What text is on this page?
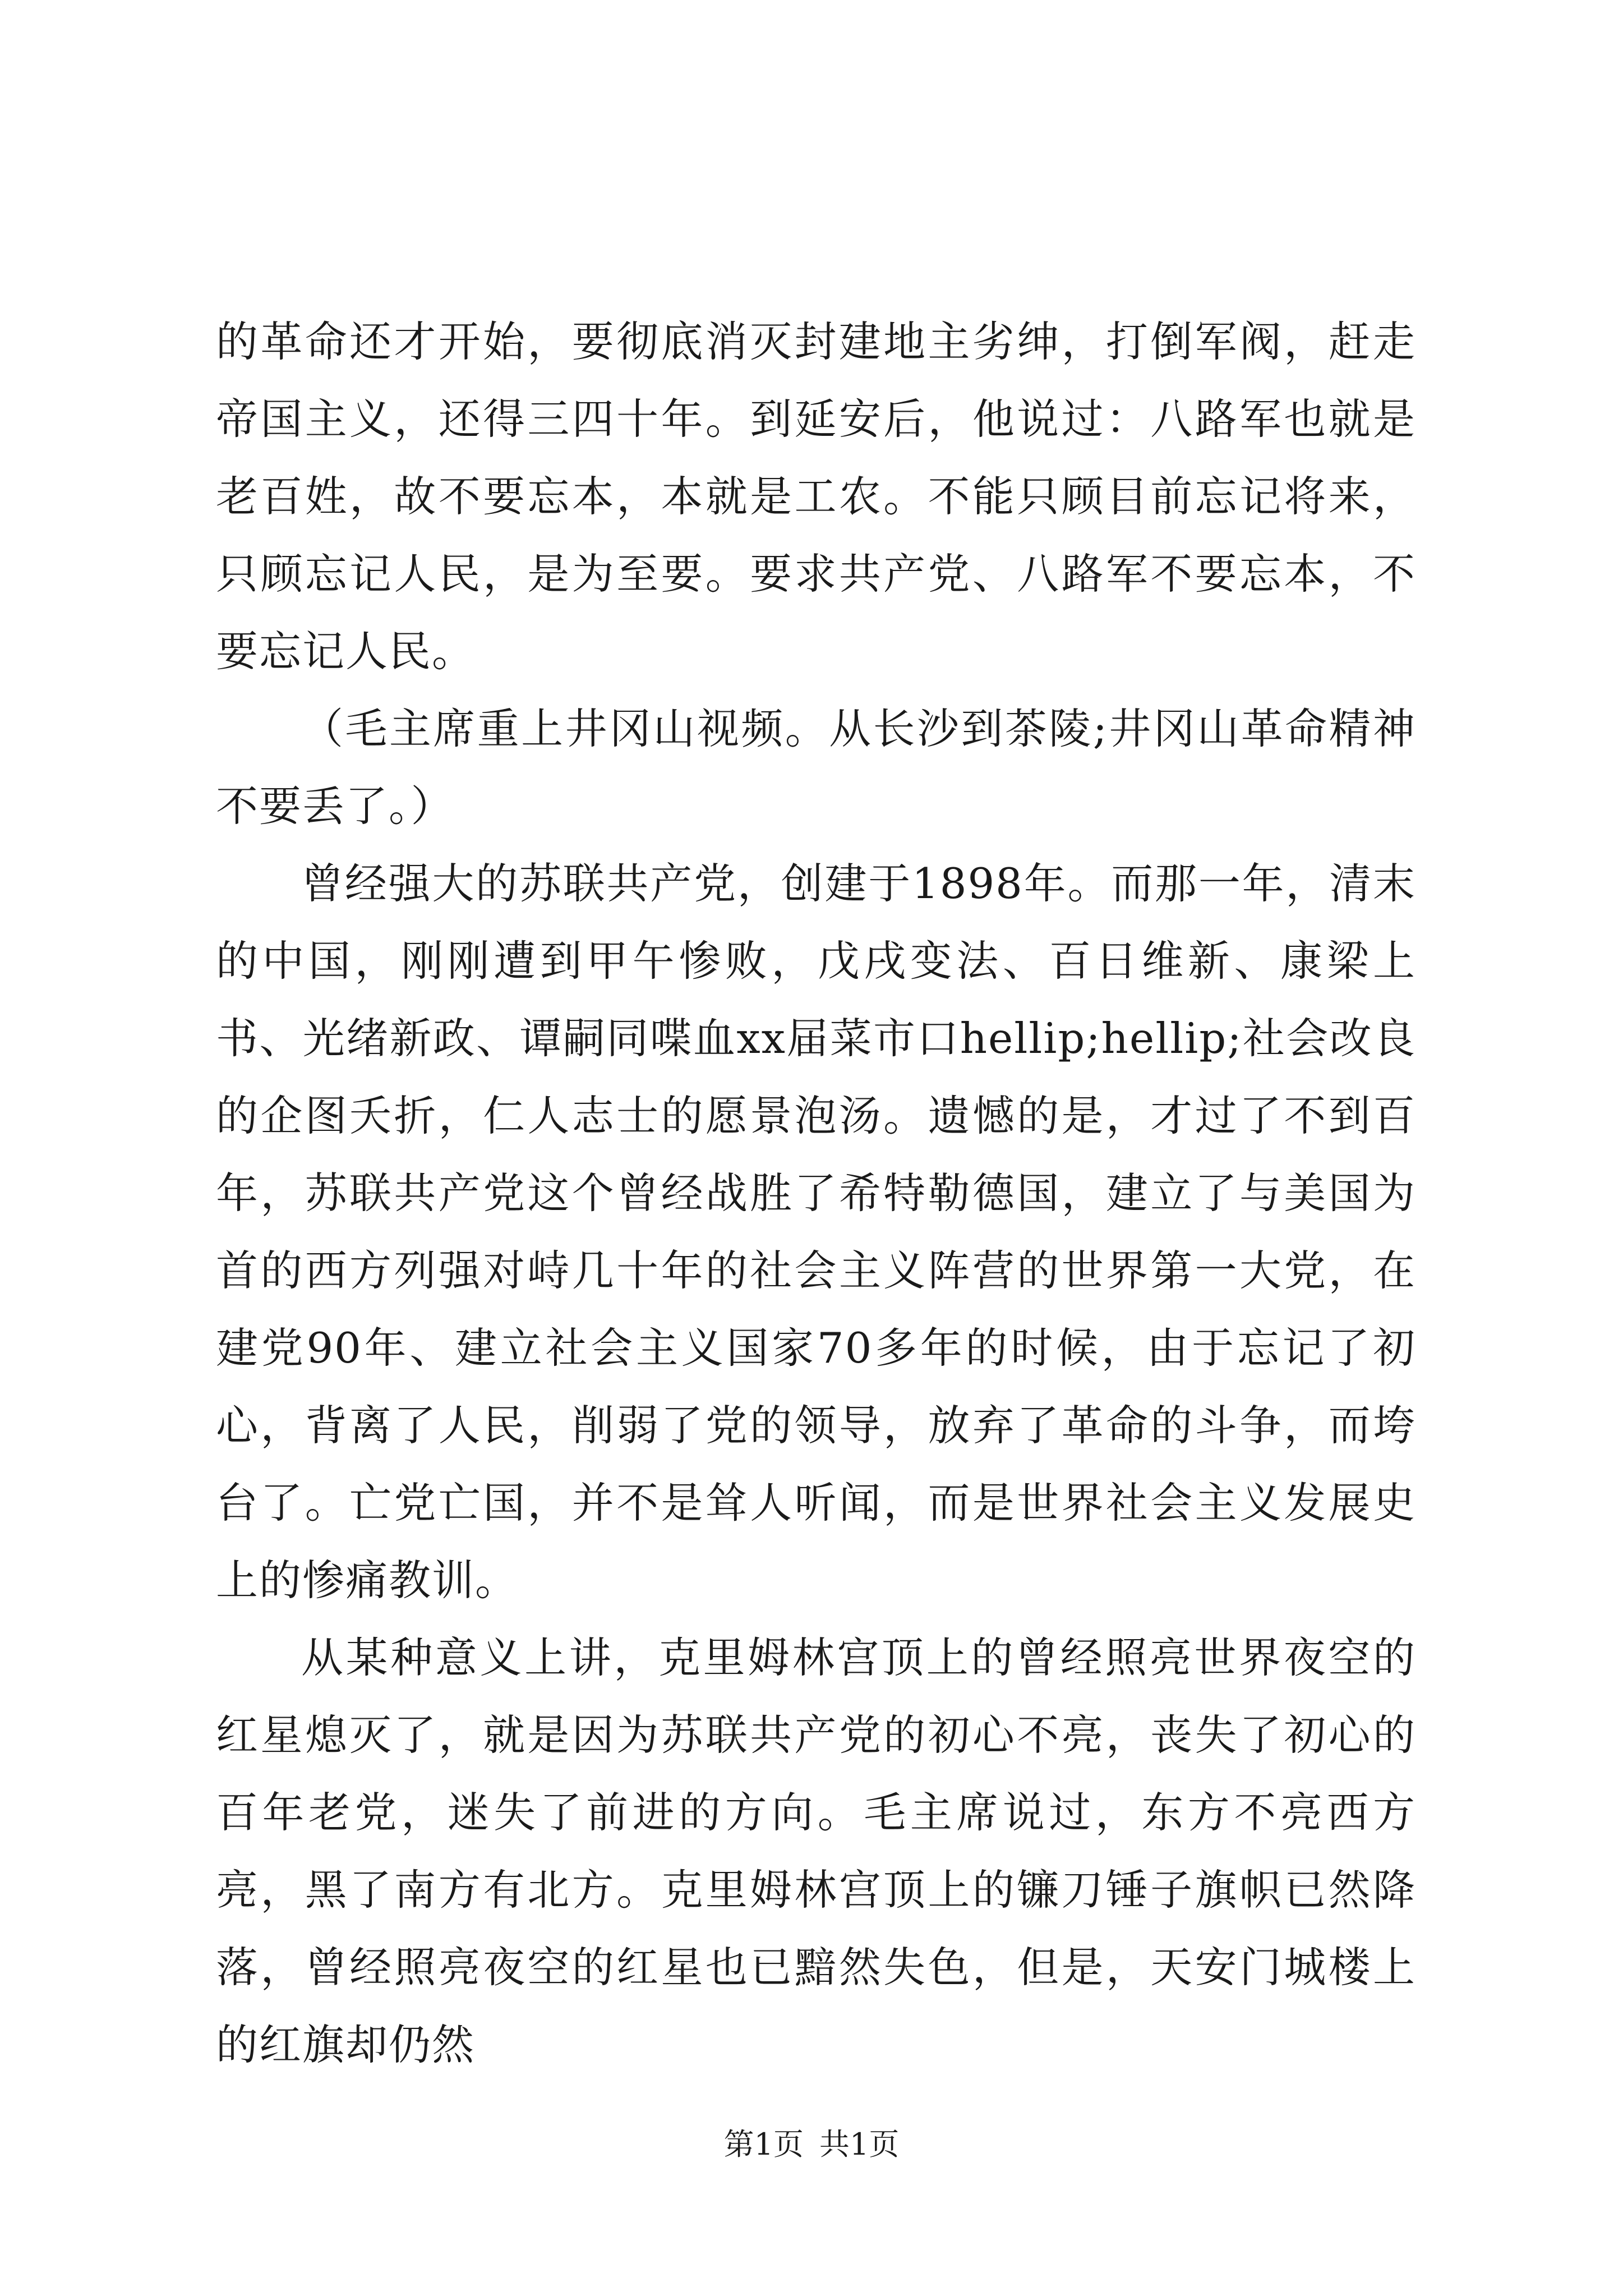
的革命还才开始，要彻底消灭封建地主劣绅，打倒军阀，赶走帝国主义，还得三四十年。到延安后，他说过：八路军也就是老百姓，故不要忘本，本就是工农。不能只顾目前忘记将来，只顾忘记人民，是为至要。要求共产党、八路军不要忘本，不要忘记人民。

（毛主席重上井冈山视频。从长沙到茶陵;井冈山革命精神不要丢了。）

曾经强大的苏联共产党，创建于1898年。而那一年，清末的中国，刚刚遭到甲午惨败，戊戌变法、百日维新、康梁上书、光绪新政、谭嗣同喋血xx届菜市口hellip;hellip;社会改良的企图夭折，仁人志士的愿景泡汤。遗憾的是，才过了不到百年，苏联共产党这个曾经战胜了希特勒德国，建立了与美国为首的西方列强对峙几十年的社会主义阵营的世界第一大党，在建党90年、建立社会主义国家70多年的时候，由于忘记了初心，背离了人民，削弱了党的领导，放弃了革命的斗争，而垮台了。亡党亡国，并不是耸人听闻，而是世界社会主义发展史上的惨痛教训。

从某种意义上讲，克里姆林宫顶上的曾经照亮世界夜空的红星熄灭了，就是因为苏联共产党的初心不亮，丧失了初心的百年老党，迷失了前进的方向。毛主席说过，东方不亮西方亮，黑了南方有北方。克里姆林宫顶上的镰刀锤子旗帜已然降落，曾经照亮夜空的红星也已黯然失色，但是，天安门城楼上的红旗却仍然

第1页 共1页
